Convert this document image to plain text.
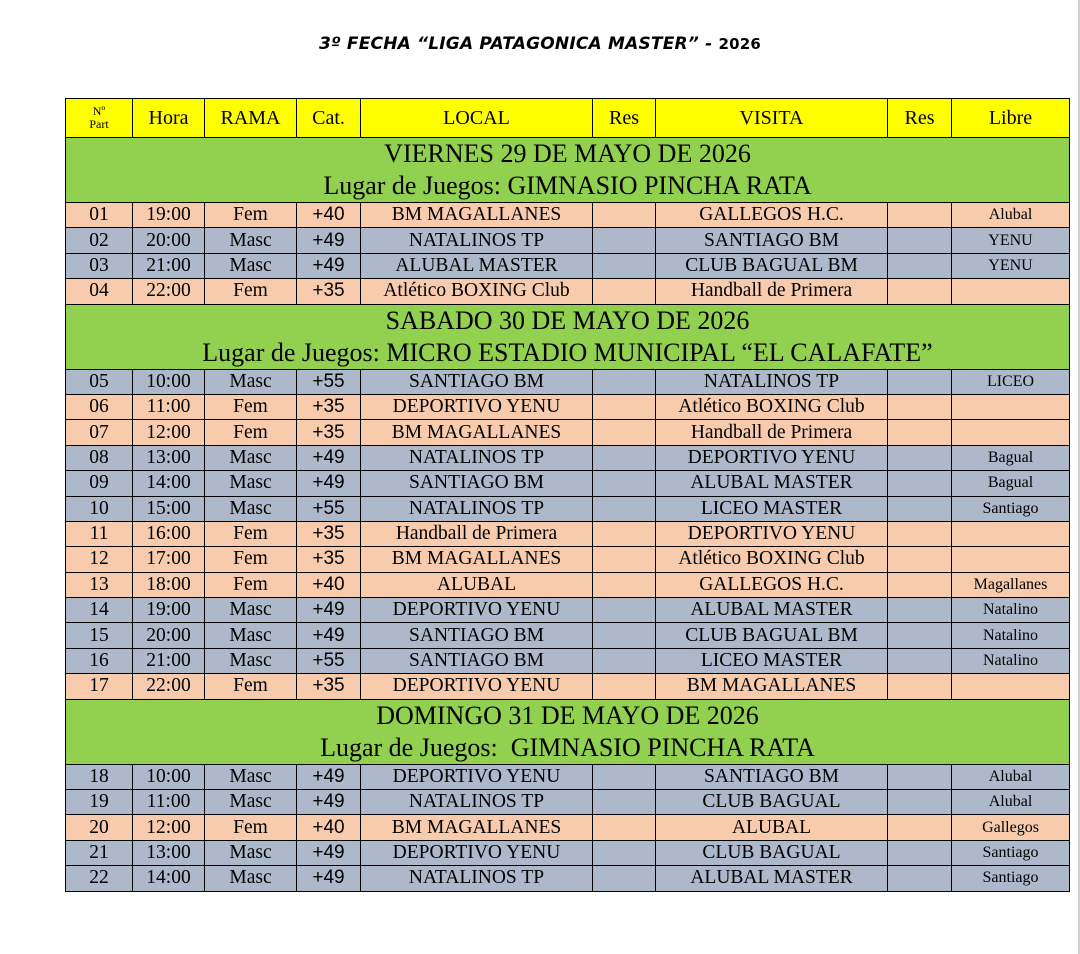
3º FECHA “LIGA PATAGONICA MASTER” - 2026
Nº
Part	Hora	RAMA	Cat.	LOCAL	Res	VISITA	Res	Libre

VIERNES 29 DE MAYO DE 2026
Lugar de Juegos: GIMNASIO PINCHA RATA								

01	19:00	Fem	+40	BM MAGALLANES		GALLEGOS H.C.		Alubal
02	20:00	Masc	+49	NATALINOS TP		SANTIAGO BM		YENU
03	21:00	Masc	+49	ALUBAL MASTER		CLUB BAGUAL BM		YENU
04	22:00	Fem	+35	Atlético BOXING Club		Handball de Primera		

SABADO 30 DE MAYO DE 2026
Lugar de Juegos: MICRO ESTADIO MUNICIPAL “EL CALAFATE”								

05	10:00	Masc	+55	SANTIAGO BM		NATALINOS TP		LICEO
06	11:00	Fem	+35	DEPORTIVO YENU		Atlético BOXING Club		
07	12:00	Fem	+35	BM MAGALLANES		Handball de Primera		
08	13:00	Masc	+49	NATALINOS TP		DEPORTIVO YENU		Bagual
09	14:00	Masc	+49	SANTIAGO BM		ALUBAL MASTER		Bagual
10	15:00	Masc	+55	NATALINOS TP		LICEO MASTER		Santiago
11	16:00	Fem	+35	Handball de Primera		DEPORTIVO YENU		
12	17:00	Fem	+35	BM MAGALLANES		Atlético BOXING Club		
13	18:00	Fem	+40	ALUBAL		GALLEGOS H.C.		Magallanes
14	19:00	Masc	+49	DEPORTIVO YENU		ALUBAL MASTER		Natalino
15	20:00	Masc	+49	SANTIAGO BM		CLUB BAGUAL BM		Natalino
16	21:00	Masc	+55	SANTIAGO BM		LICEO MASTER		Natalino
17	22:00	Fem	+35	DEPORTIVO YENU		BM MAGALLANES		

DOMINGO 31 DE MAYO DE 2026
Lugar de Juegos:  GIMNASIO PINCHA RATA								

18	10:00	Masc	+49	DEPORTIVO YENU		SANTIAGO BM		Alubal
19	11:00	Masc	+49	NATALINOS TP		CLUB BAGUAL		Alubal
20	12:00	Fem	+40	BM MAGALLANES		ALUBAL		Gallegos
21	13:00	Masc	+49	DEPORTIVO YENU		CLUB BAGUAL		Santiago
22	14:00	Masc	+49	NATALINOS TP		ALUBAL MASTER		Santiago
